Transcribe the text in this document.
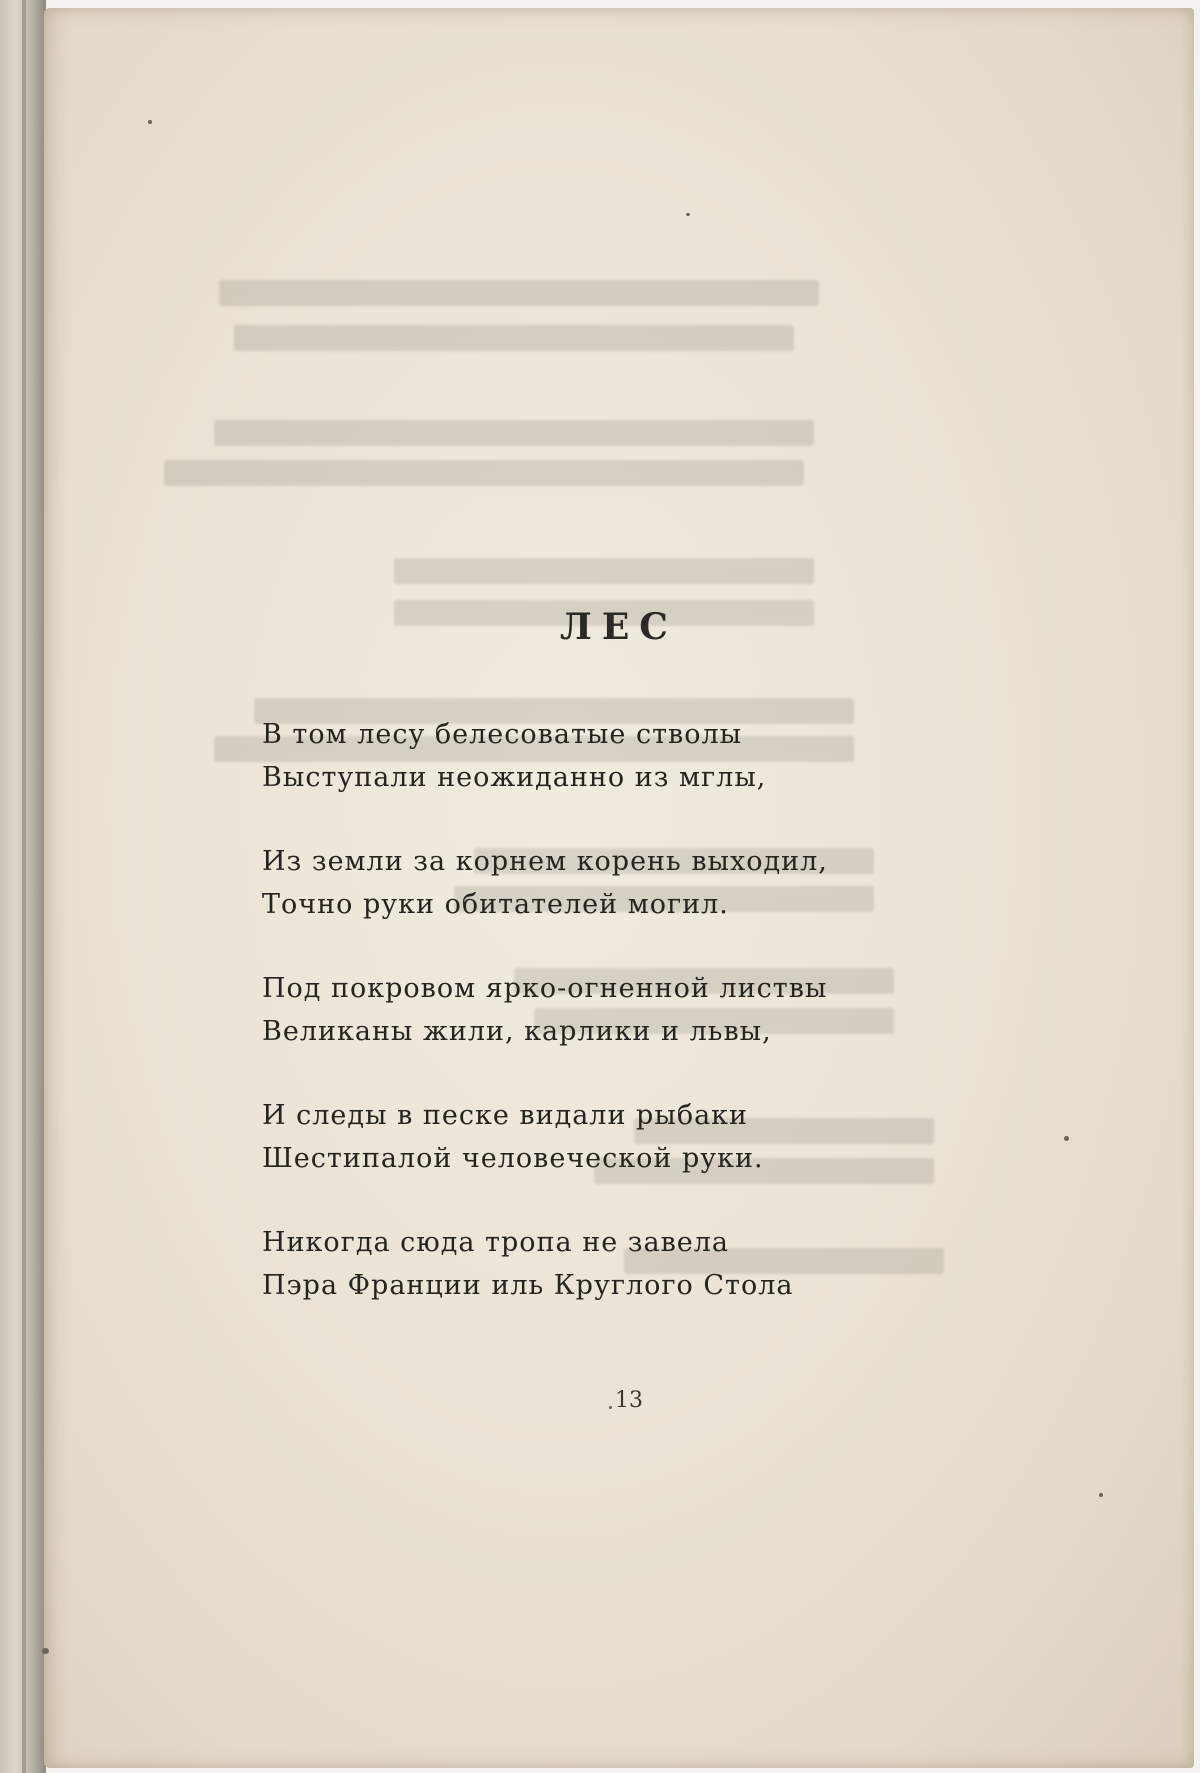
ЛЕС
В том лесу белесоватые стволы
Выступали неожиданно из мглы,
Из земли за корнем корень выходил,
Точно руки обитателей могил.
Под покровом ярко-огненной листвы
Великаны жили, карлики и львы,
И следы в песке видали рыбаки
Шестипалой человеческой руки.
Никогда сюда тропа не завела
Пэра Франции иль Круглого Стола
13
